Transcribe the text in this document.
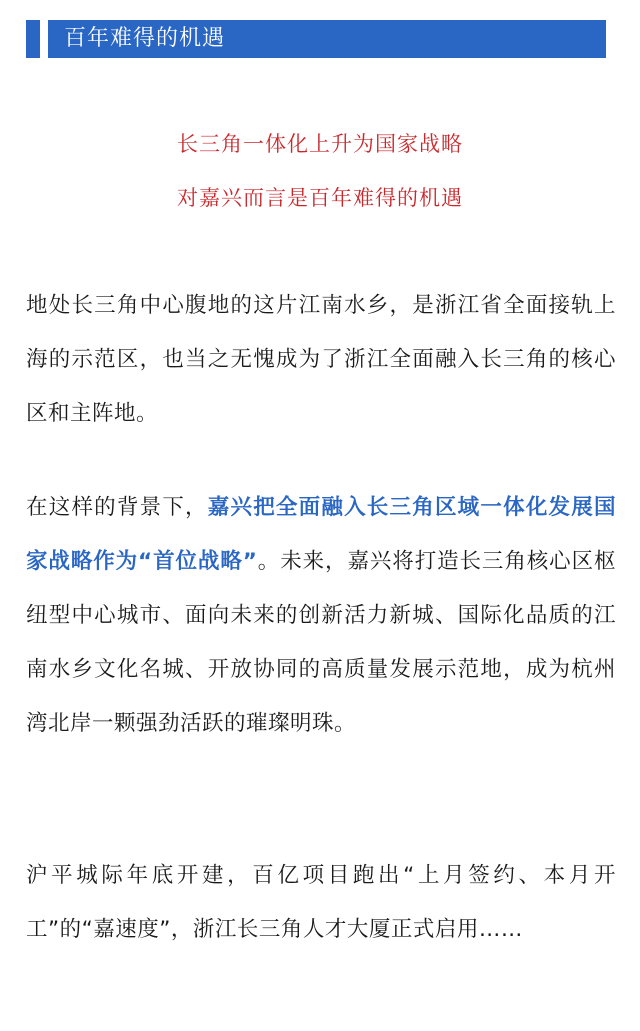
百年难得的机遇
长三角一体化上升为国家战略
对嘉兴而言是百年难得的机遇

地处长三角中心腹地的这片江南水乡，是浙江省全面接轨上海的示范区，也当之无愧成为了浙江全面融入长三角的核心区和主阵地。

在这样的背景下，嘉兴把全面融入长三角区域一体化发展国家战略作为“首位战略”。未来，嘉兴将打造长三角核心区枢纽型中心城市、面向未来的创新活力新城、国际化品质的江南水乡文化名城、开放协同的高质量发展示范地，成为杭州湾北岸一颗强劲活跃的璀璨明珠。

沪平城际年底开建，百亿项目跑出“上月签约、本月开工”的“嘉速度”，浙江长三角人才大厦正式启用……
